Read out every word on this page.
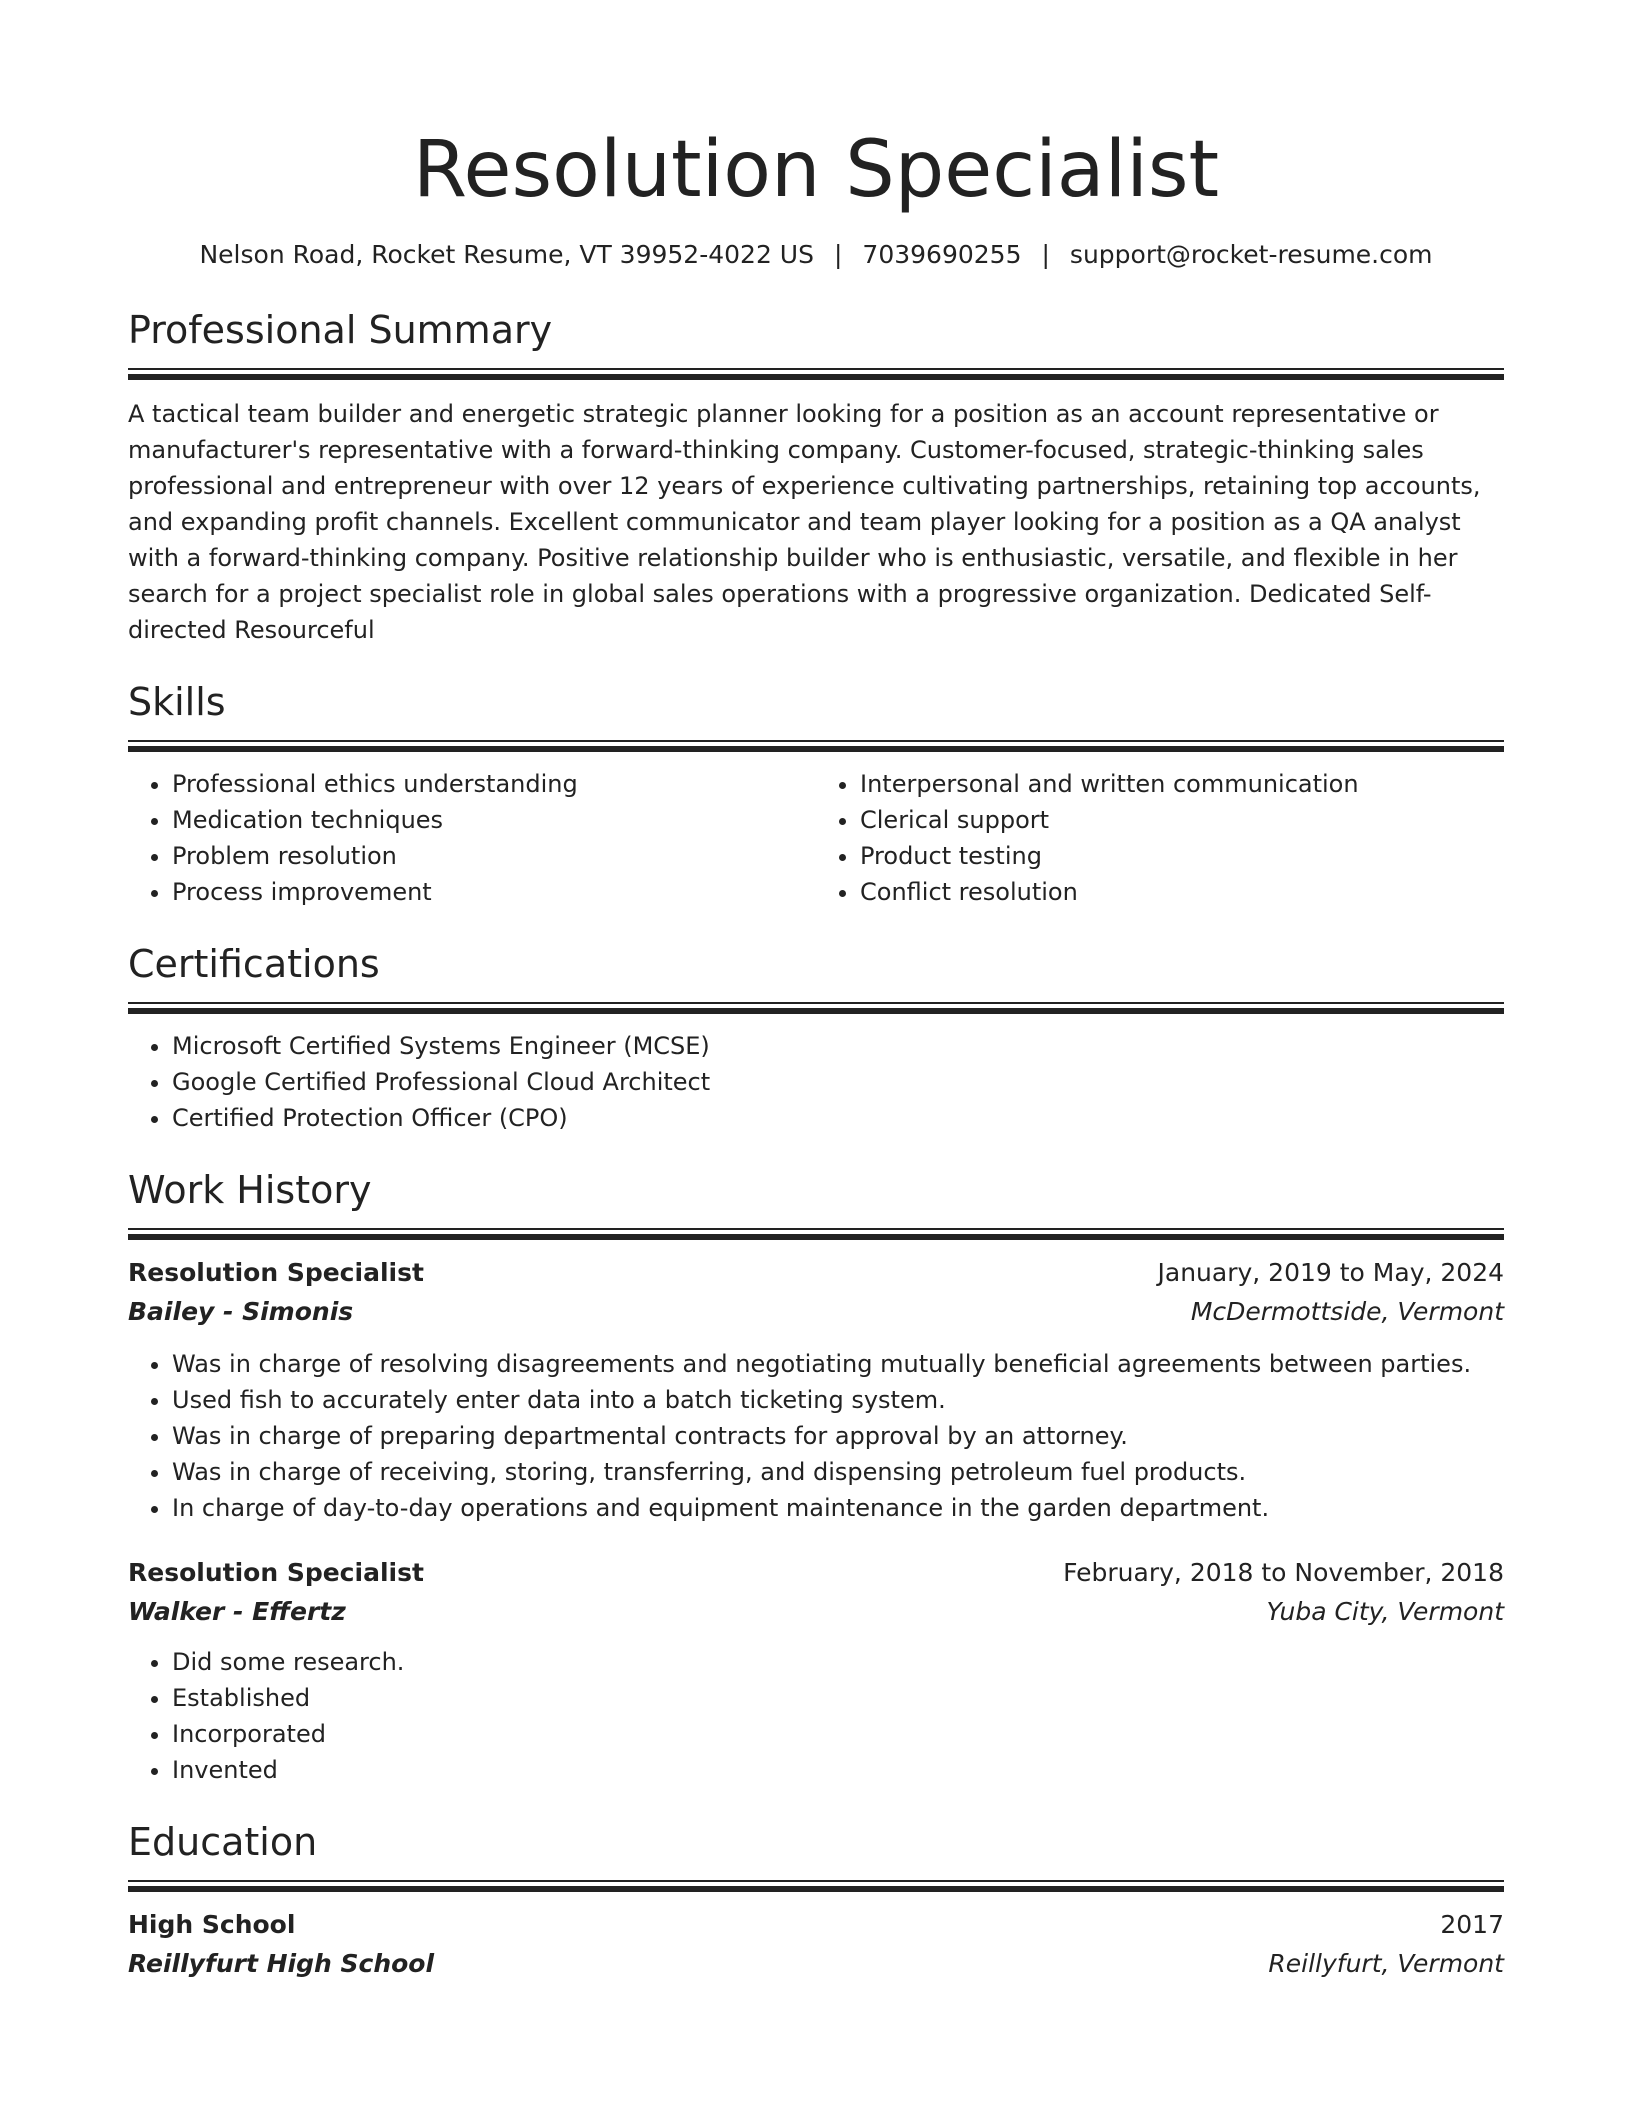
Resolution Specialist
Nelson Road, Rocket Resume, VT 39952-4022 US | 7039690255 | support@rocket-resume.com
Professional Summary

A tactical team builder and energetic strategic planner looking for a position as an account representative or manufacturer's representative with a forward-thinking company. Customer-focused, strategic-thinking sales professional and entrepreneur with over 12 years of experience cultivating partnerships, retaining top accounts, and expanding profit channels. Excellent communicator and team player looking for a position as a QA analyst with a forward-thinking company. Positive relationship builder who is enthusiastic, versatile, and flexible in her search for a project specialist role in global sales operations with a progressive organization. Dedicated Self-directed Resourceful

Skills
• Professional ethics understanding
• Medication techniques
• Problem resolution
• Process improvement
• Interpersonal and written communication
• Clerical support
• Product testing
• Conflict resolution
Certifications
• Microsoft Certified Systems Engineer (MCSE)
• Google Certified Professional Cloud Architect
• Certified Protection Officer (CPO)
Work History
Resolution Specialist	January, 2019 to May, 2024
Bailey - Simonis	McDermottside, Vermont
• Was in charge of resolving disagreements and negotiating mutually beneficial agreements between parties.
• Used fish to accurately enter data into a batch ticketing system.
• Was in charge of preparing departmental contracts for approval by an attorney.
• Was in charge of receiving, storing, transferring, and dispensing petroleum fuel products.
• In charge of day-to-day operations and equipment maintenance in the garden department.
Resolution Specialist	February, 2018 to November, 2018
Walker - Effertz	Yuba City, Vermont
• Did some research.
• Established
• Incorporated
• Invented
Education
High School	2017
Reillyfurt High School	Reillyfurt, Vermont
